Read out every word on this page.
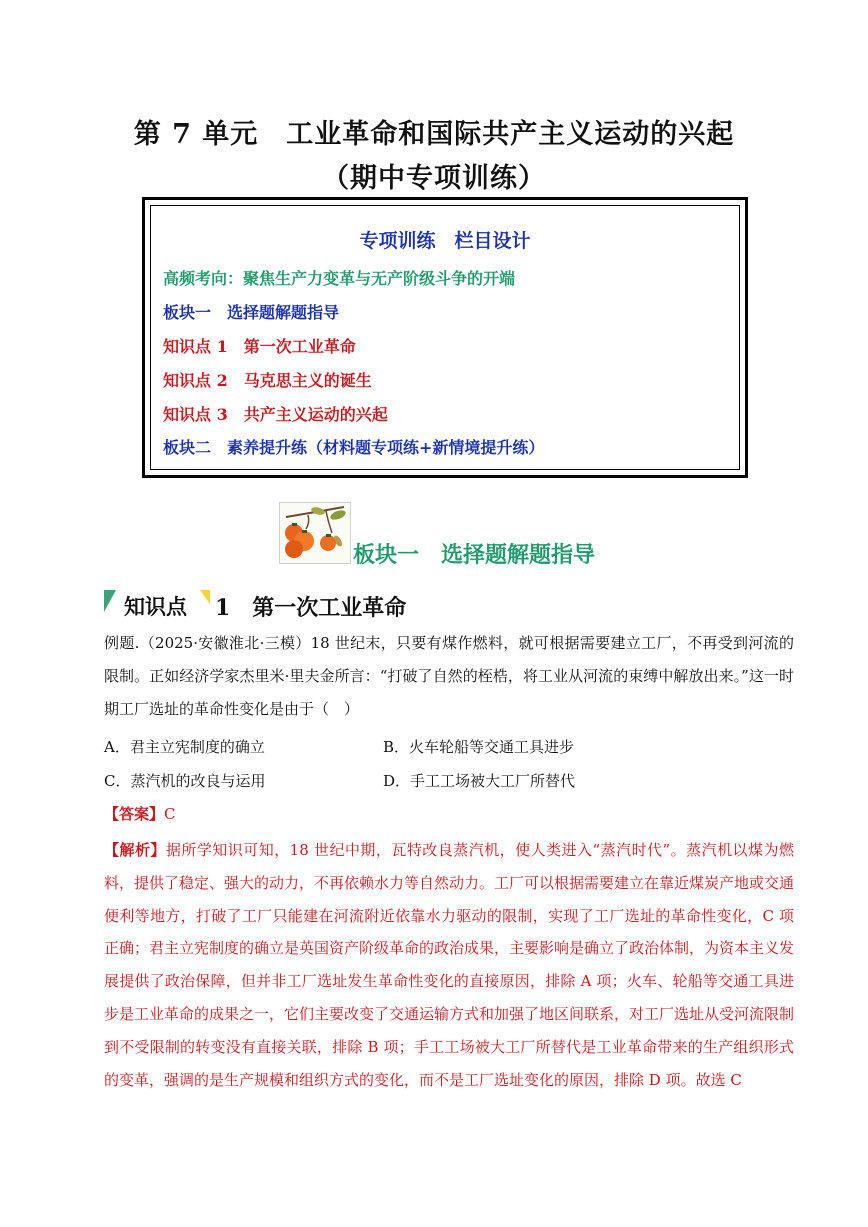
第 7 单元　工业革命和国际共产主义运动的兴起
（期中专项训练）
专项训练　栏目设计
高频考向：聚焦生产力变革与无产阶级斗争的开端
板块一　选择题解题指导
知识点 1　第一次工业革命
知识点 2　马克思主义的诞生
知识点 3　共产主义运动的兴起
板块二　素养提升练（材料题专项练+新情境提升练）
板块一　选择题解题指导
知识点 1　第一次工业革命
例题.（2025·安徽淮北·三模）18 世纪末，只要有煤作燃料，就可根据需要建立工厂，不再受到河流的限制。正如经济学家杰里米·里夫金所言：“打破了自然的桎梏，将工业从河流的束缚中解放出来。”这一时期工厂选址的革命性变化是由于（　）
A．君主立宪制度的确立	B．火车轮船等交通工具进步
C．蒸汽机的改良与运用	D．手工工场被大工厂所替代
【答案】C
【解析】据所学知识可知，18 世纪中期，瓦特改良蒸汽机，使人类进入“蒸汽时代”。蒸汽机以煤为燃料，提供了稳定、强大的动力，不再依赖水力等自然动力。工厂可以根据需要建立在靠近煤炭产地或交通便利等地方，打破了工厂只能建在河流附近依靠水力驱动的限制，实现了工厂选址的革命性变化，C 项正确；君主立宪制度的确立是英国资产阶级革命的政治成果，主要影响是确立了政治体制，为资本主义发展提供了政治保障，但并非工厂选址发生革命性变化的直接原因，排除 A 项；火车、轮船等交通工具进步是工业革命的成果之一，它们主要改变了交通运输方式和加强了地区间联系，对工厂选址从受河流限制到不受限制的转变没有直接关联，排除 B 项；手工工场被大工厂所替代是工业革命带来的生产组织形式的变革，强调的是生产规模和组织方式的变化，而不是工厂选址变化的原因，排除 D 项。故选 C
